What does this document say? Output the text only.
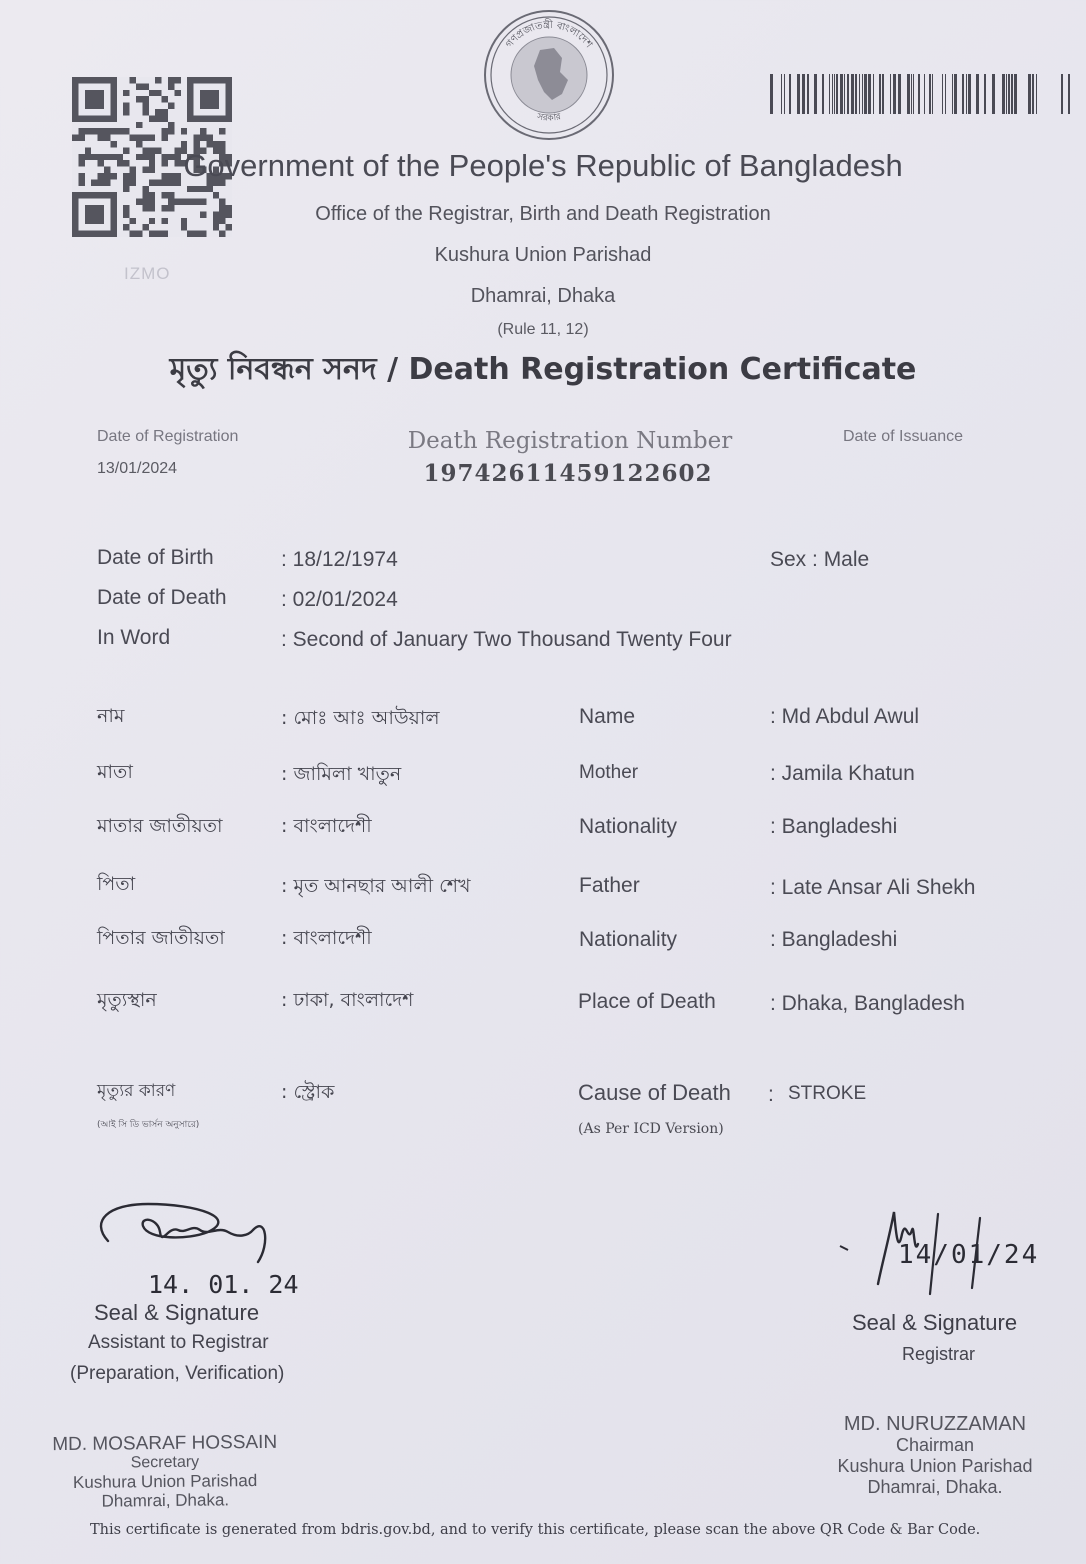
IZMO
গণপ্রজাতন্ত্রী বাংলাদেশ
সরকার
Government of the People's Republic of Bangladesh
Office of the Registrar, Birth and Death Registration
Kushura Union Parishad
Dhamrai, Dhaka
(Rule 11, 12)
মৃত্যু নিবন্ধন সনদ / Death Registration Certificate
Date of Registration
13/01/2024
Death Registration Number
19742611459122602
Date of Issuance
Date of Birth	: 18/12/1974	Sex : Male
Date of Death	: 02/01/2024
In Word	: Second of January Two Thousand Twenty Four
নাম	: মোঃ আঃ আউয়াল	Name	: Md Abdul Awul
মাতা	: জামিলা খাতুন	Mother	: Jamila Khatun
মাতার জাতীয়তা	: বাংলাদেশী	Nationality	: Bangladeshi
পিতা	: মৃত আনছার আলী শেখ	Father	: Late Ansar Ali Shekh
পিতার জাতীয়তা	: বাংলাদেশী	Nationality	: Bangladeshi
মৃত্যুস্থান	: ঢাকা, বাংলাদেশ	Place of Death	: Dhaka, Bangladesh
মৃত্যুর কারণ
(আই সি ডি ভার্সন অনুসারে)
: স্ট্রোক	Cause of Death : STROKE
(As Per ICD Version)
14. 01. 24
Seal & Signature
Assistant to Registrar
(Preparation, Verification)
MD. MOSARAF HOSSAIN
Secretary
Kushura Union Parishad
Dhamrai, Dhaka.
14/01/24
Seal & Signature
Registrar
MD. NURUZZAMAN
Chairman
Kushura Union Parishad
Dhamrai, Dhaka.
This certificate is generated from bdris.gov.bd, and to verify this certificate, please scan the above QR Code & Bar Code.
